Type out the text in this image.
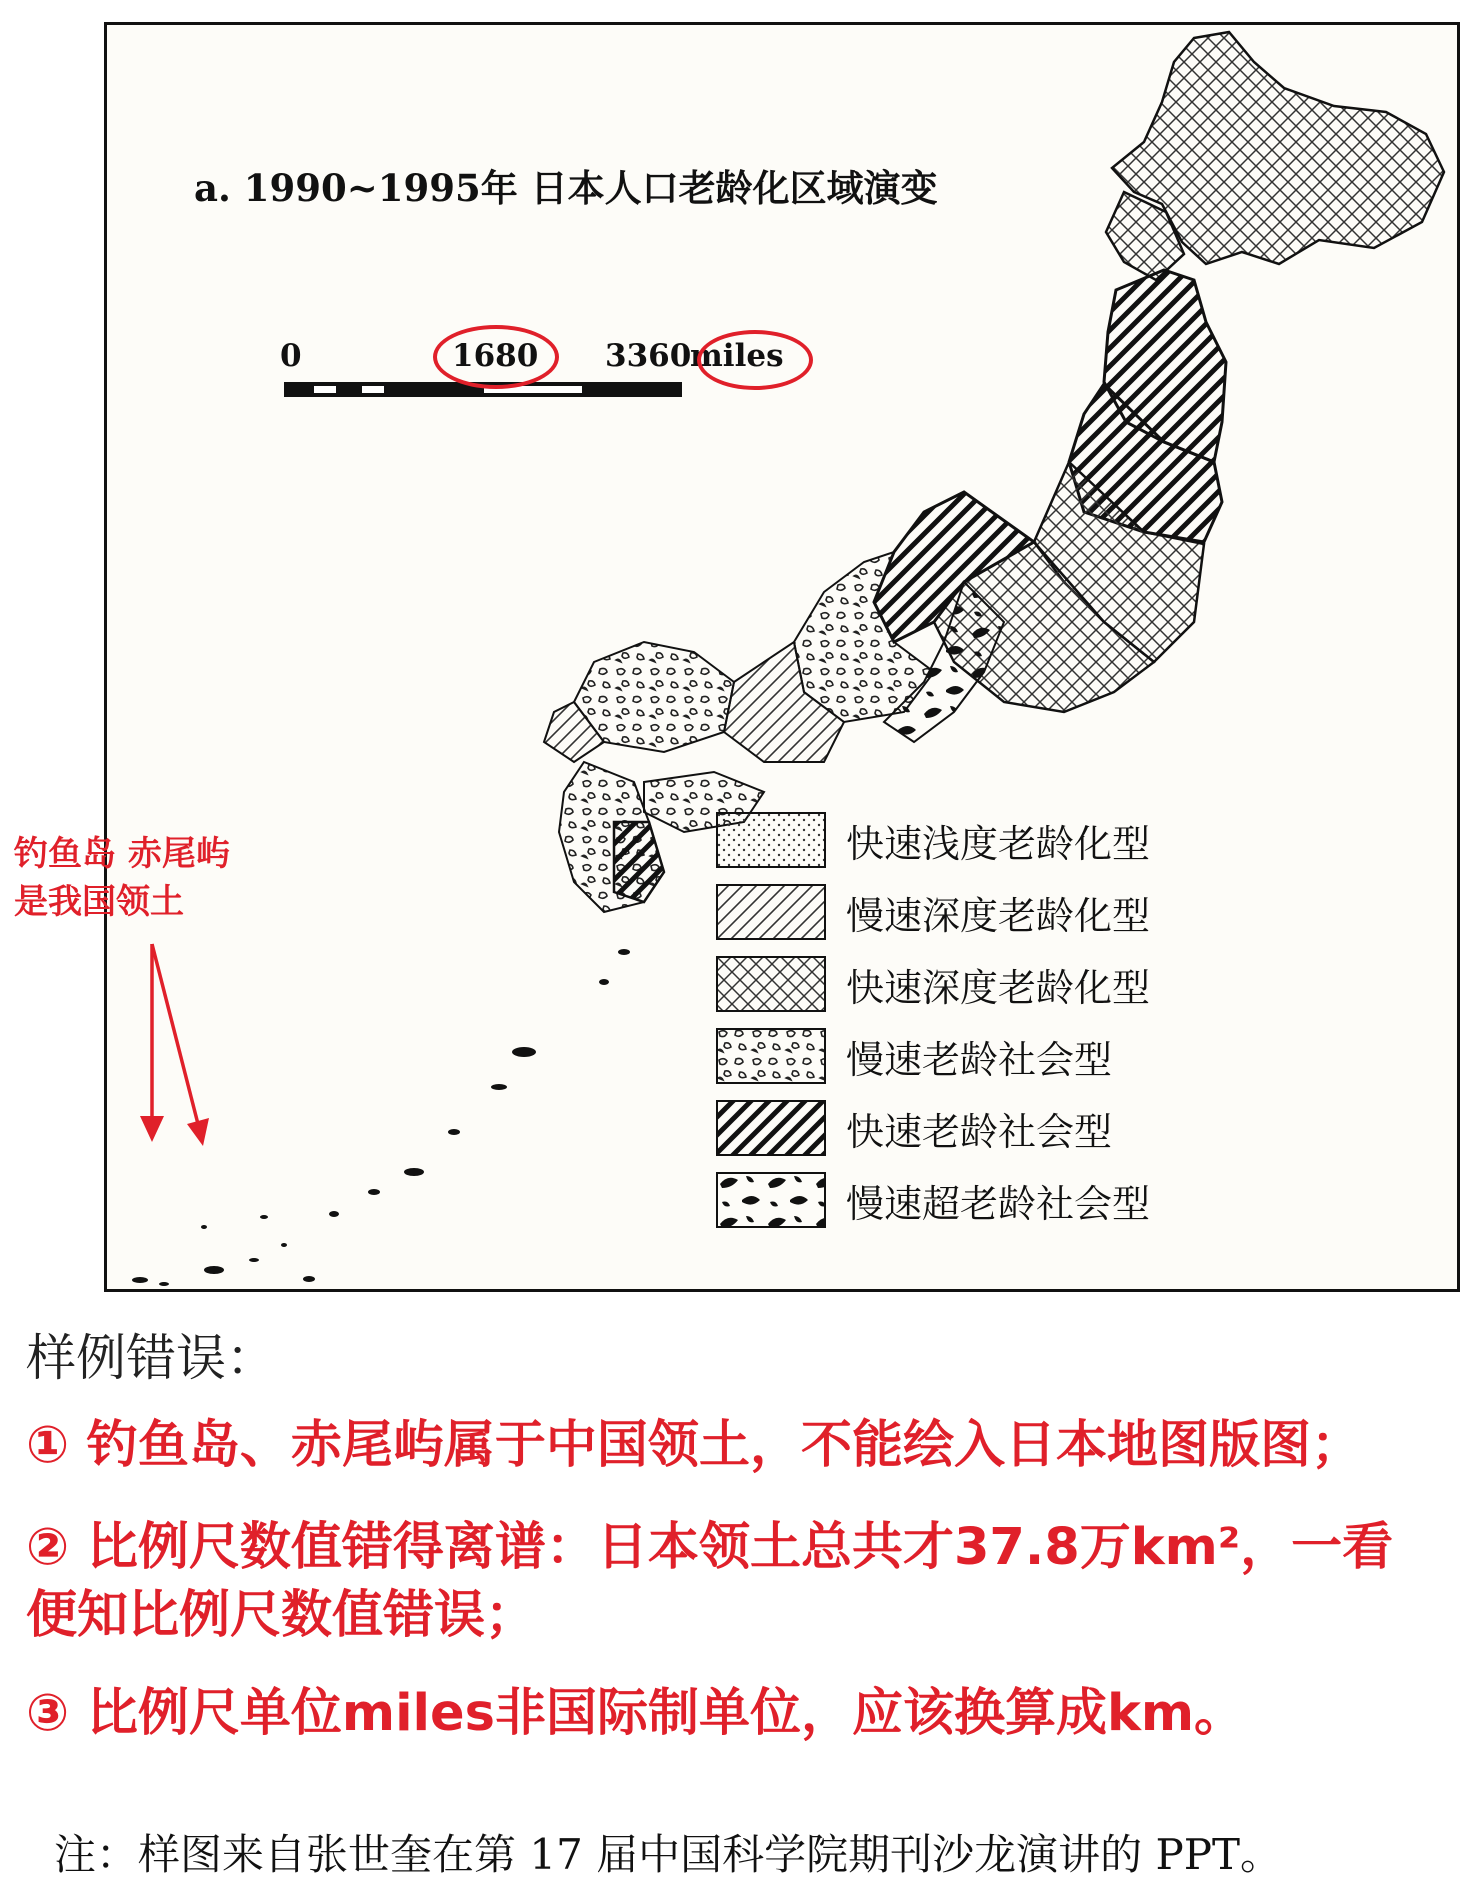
a. 1990~1995年 日本人口老龄化区域演变
0	1680 3360
miles
快速浅度老龄化型
慢速深度老龄化型
快速深度老龄化型
慢速老龄社会型
快速老龄社会型
慢速超老龄社会型
钓鱼岛 赤尾屿
是我国领土
样例错误：
① 钓鱼岛、赤尾屿属于中国领土，不能绘入日本地图版图；
② 比例尺数值错得离谱：日本领土总共才37.8万km²，一看
便知比例尺数值错误；
③ 比例尺单位miles非国际制单位，应该换算成km。
注：样图来自张世奎在第 17 届中国科学院期刊沙龙演讲的 PPT。
